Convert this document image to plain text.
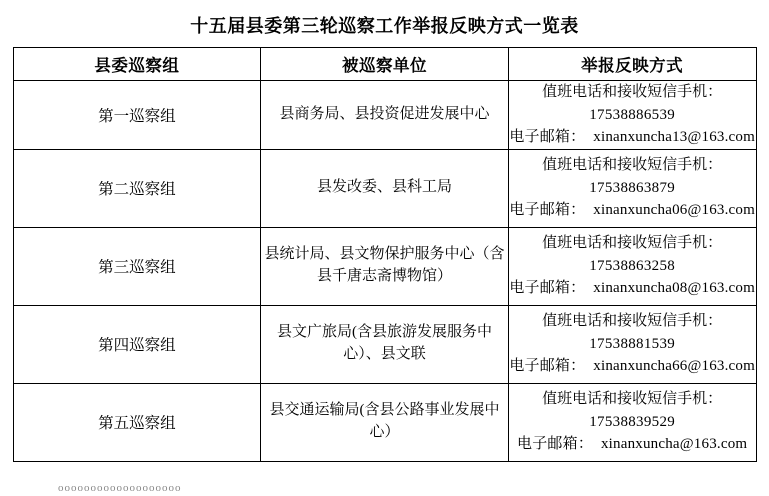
十五届县委第三轮巡察工作举报反映方式一览表
县委巡察组	被巡察单位	举报反映方式
第一巡察组	县商务局、县投资促进发展中心	值班电话和接收短信手机：
17538886539
电子邮箱： xinanxuncha13@163.com

第二巡察组	县发改委、县科工局	值班电话和接收短信手机：
17538863879
电子邮箱： xinanxuncha06@163.com

第三巡察组	县统计局、县文物保护服务中心（含县千唐志斋博物馆）	值班电话和接收短信手机：
17538863258
电子邮箱： xinanxuncha08@163.com

第四巡察组	县文广旅局(含县旅游发展服务中心）、县文联	值班电话和接收短信手机：
17538881539
电子邮箱： xinanxuncha66@163.com

第五巡察组	县交通运输局(含县公路事业发展中心）	值班电话和接收短信手机：
17538839529
电子邮箱： xinanxuncha@163.com
ooooooooooooooooooo
